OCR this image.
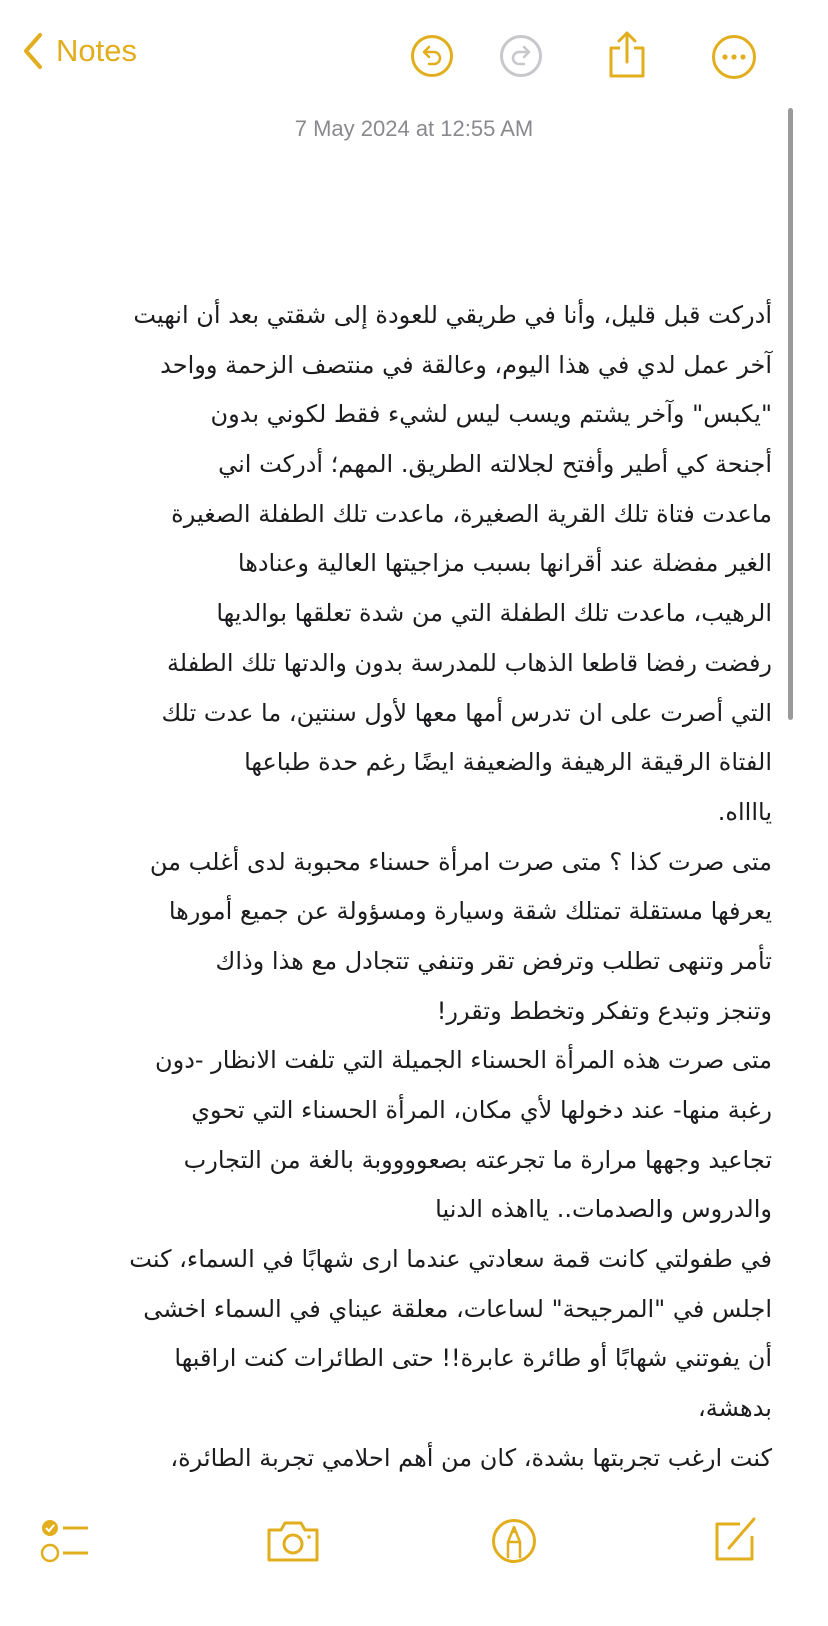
Notes
7 May 2024 at 12:55 AM
أدركت قبل قليل، وأنا في طريقي للعودة إلى شقتي بعد أن انهيت
آخر عمل لدي في هذا اليوم، وعالقة في منتصف الزحمة وواحد
"يكبس" وآخر يشتم ويسب ليس لشيء فقط لكوني بدون
أجنحة كي أطير وأفتح لجلالته الطريق. المهم؛ أدركت اني
ماعدت فتاة تلك القرية الصغيرة، ماعدت تلك الطفلة الصغيرة
الغير مفضلة عند أقرانها بسبب مزاجيتها العالية وعنادها
الرهيب، ماعدت تلك الطفلة التي من شدة تعلقها بوالديها
رفضت رفضا قاطعا الذهاب للمدرسة بدون والدتها تلك الطفلة
التي أصرت على ان تدرس أمها معها لأول سنتين، ما عدت تلك
الفتاة الرقيقة الرهيفة والضعيفة ايضًا رغم حدة طباعها
يااااه.
متى صرت كذا ؟ متى صرت امرأة حسناء محبوبة لدى أغلب من
يعرفها مستقلة تمتلك شقة وسيارة ومسؤولة عن جميع أمورها
تأمر وتنهى تطلب وترفض تقر وتنفي تتجادل مع هذا وذاك
وتنجز وتبدع وتفكر وتخطط وتقرر!
متى صرت هذه المرأة الحسناء الجميلة التي تلفت الانظار -دون
رغبة منها- عند دخولها لأي مكان، المرأة الحسناء التي تحوي
تجاعيد وجهها مرارة ما تجرعته بصعووووبة بالغة من التجارب
والدروس والصدمات.. يااهذه الدنيا
في طفولتي كانت قمة سعادتي عندما ارى شهابًا في السماء، كنت
اجلس في "المرجيحة" لساعات، معلقة عيناي في السماء اخشى
أن يفوتني شهابًا أو طائرة عابرة!! حتى الطائرات كنت اراقبها
بدهشة،
كنت ارغب تجربتها بشدة، كان من أهم احلامي تجربة الطائرة،
